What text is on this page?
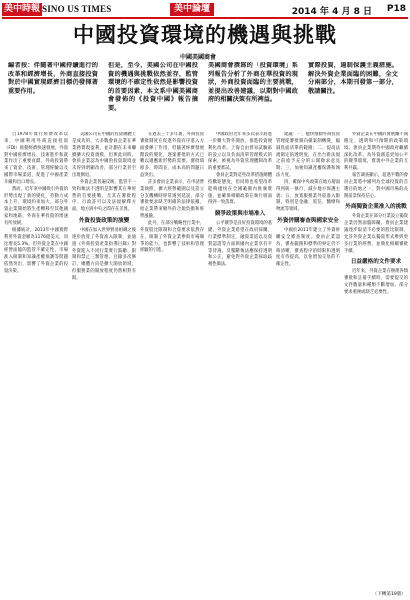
美中時報 SINO US TIMES	美中論壇	2014 年 4 月 8 日 P18
中國投資環境的機遇與挑戰
中國美國商會
編者按：伴隨著中國持續進行的改革和經濟增長，外商直接投資對於中國實現經濟目標仍發揮著重要作用。
但是，至今，美國公司在中國投資的機遇與挑戰依然並存，監管環境的不確定性依然是影響投資的首要因素，本文系中國美國商會發佈的《投資中國》報告摘要。
美國商會撰寫的「投資環境」系列報告分析了外商在華投資的現狀，外商投資面臨的主要挑戰，並提出改善建議，以期對中國政府的相關決策有所裨益。
實際投資，遏制保護主義措施。解決外資企業面臨的困難，全文分兩部分，本期刊發第一部分，敬請關注。

自1978年實行經濟改革以來，中國利用外商直接投資（FDI）推動經濟快速發展，外資對中國經濟增長、技術進步和就業作出了重要貢獻。外商投資帶來了資金、技術、管理經驗以及國際市場渠道，促進了中國產業升級和出口增長。

然而，近年來中國吸引外資的形勢出現了新的變化，勞動力成本上升，環境約束加大，部分外資企業開始將生產轉移至其他國家和地區，外商在華投資的增速有所放緩。

根據統計，2013年中國實際利用外資金額為1176億美元，同比增長5.3%，但外資企業在中國經營面臨的監管不確定性、市場准入限制和知識產權保護等問題依然突出，影響了外資企業的投資決策。

美國公司在中國的投資總體上是成功的，大多數會員企業在華業務實現盈利，並計劃在未來繼續擴大投資規模。但與此同時，會員企業認為中國的投資環境並未得到明顯改善，部分行業甚至出現倒退。

外資企業普遍反映，監管不一致和執法不透明是影響其在華經營的首要挑戰，尤其在審批程序、行政許可以及法規解釋方面，地方與中央之間存在差異。

外資投資政策的演變

中國在加入世界貿易組織之後逐步放寬了外資准入限制，並通過《外商投資產業指導目錄》對外資進入不同行業實行鼓勵、限制和禁止三類管理。目錄多次修訂，總體方向是擴大開放領域，但服務業的開放程度仍然相對有限。

在過去三十多年裏，外商投資審批制度在促進外資有序進入方面發揮了作用，但隨著經濟發展階段的變化，逐案審批的方式已難以適應新形勢的需要，審批環節多、時間長、成本高的問題日益突出。

許多會員企業表示，在申請營業執照、擴大經營範圍以及設立分支機構時經常遇到延誤，部分審批要求缺乏明確的法律依據，給企業帶來額外的合規負擔和經營風險。

此外，在部分戰略性行業中，外資股比限制和合資要求依然存在，限制了外資企業參與市場競爭的能力，也影響了技術和管理經驗的引進。

中國政府近年來多次表示將進一步擴大對外開放，推進投資便利化改革。上海自由貿易試驗區的設立以及負面清單管理模式的探索，被視為外資管理體制改革的重要嘗試。

會員企業對這些改革措施總體持歡迎態度，但同時也希望改革能夠儘快在全國範圍內推廣實施，並確保相關政策在執行層面得到一致落實。

競爭政策與市場准入

公平競爭是良好投資環境的基礎。外資企業希望在政府採購、行業標準制定、融資渠道以及資質認證等方面與國內企業享有平等待遇。反壟斷執法應保持透明和公正，避免對外資企業採取歧視性做法。

建議：一、儘快推動外商投資管理從審批制向備案制轉變，縮減負面清單的範圍；二、提高法規制定的透明度，在出台新法規之前給予充分的公開徵求意見期；三、加強知識產權保護和執法力度。

四、確保中央政策在地方層面得到統一執行，減少地方保護主義；五、放寬服務業外資准入限制，特別是金融、電信、醫療和物流等領域。

外資併購審查與國家安全

中國於2011年建立了外資併購安全審查制度。會員企業認為，審查範圍和標準的界定仍不夠清晰，審查程序的時限和透明度有待提高，以免增加交易的不確定性。

外資企業在中國的發展離不開穩定、透明和可預期的政策環境。會員企業期待中國政府繼續深化改革，為外資創造更加公平的競爭環境，實現中外企業的互利共贏。

報告調查顯示，超過半數的會員企業將中國列為全球投資的首選目的地之一，對中國市場的長期前景保持信心。

外商獨資企業准入的挑戰

外資企業在部分行業設立獨資企業仍然面臨障礙。會員企業建議逐步取消不必要的股比限制，允許外資企業以獨資形式參與更多行業的經營，並簡化相關審批手續。

日益嚴格的文件要求

近年來，外資企業在辦理各類審批和註冊手續時，需要提交的文件數量和種類不斷增加，部分要求重複或缺乏必要性。

（下轉第19版）
